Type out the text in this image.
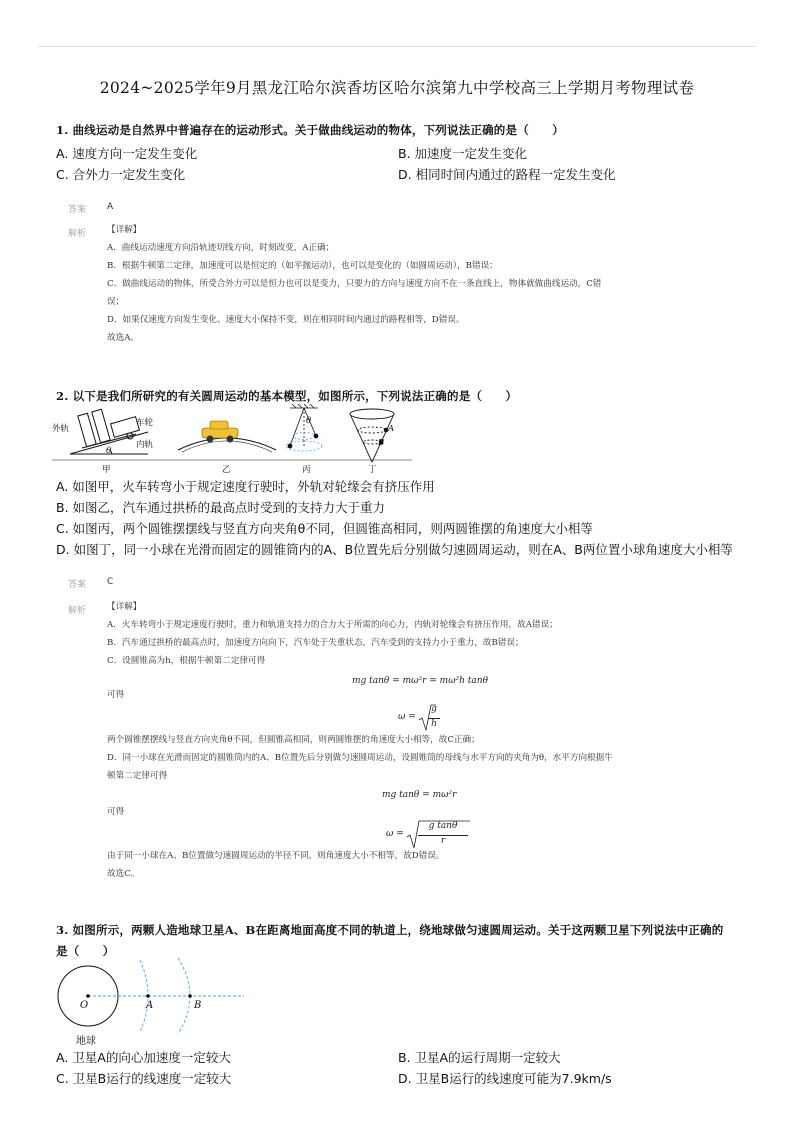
2024~2025学年9月黑龙江哈尔滨香坊区哈尔滨第九中学校高三上学期月考物理试卷
1. 曲线运动是自然界中普遍存在的运动形式。关于做曲线运动的物体，下列说法正确的是（　　）
A. 速度方向一定发生变化	B. 加速度一定发生变化
C. 合外力一定发生变化	D. 相同时间内通过的路程一定发生变化
答案 A
解析 【详解】
A．曲线运动速度方向沿轨迹切线方向，时刻改变，A正确；
B．根据牛顿第二定律，加速度可以是恒定的（如平抛运动），也可以是变化的（如圆周运动），B错误；
C．做曲线运动的物体，所受合外力可以是恒力也可以是变力，只要力的方向与速度方向不在一条直线上，物体就做曲线运动，C错
误；
D．如果仅速度方向发生变化、速度大小保持不变，则在相同时间内通过的路程相等，D错误。
故选A。
2. 以下是我们所研究的有关圆周运动的基本模型，如图所示，下列说法正确的是（　　）
外轨
车轮
内轨
θ
θ
A
B
甲	乙	丙	丁
A. 如图甲，火车转弯小于规定速度行驶时，外轨对轮缘会有挤压作用
B. 如图乙，汽车通过拱桥的最高点时受到的支持力大于重力
C. 如图丙，两个圆锥摆摆线与竖直方向夹角θ不同，但圆锥高相同，则两圆锥摆的角速度大小相等
D. 如图丁，同一小球在光滑而固定的圆锥筒内的A、B位置先后分别做匀速圆周运动，则在A、B两位置小球角速度大小相等
答案 C
解析 【详解】
A．火车转弯小于规定速度行驶时，重力和轨道支持力的合力大于所需的向心力，内轨对轮缘会有挤压作用，故A错误；
B．汽车通过拱桥的最高点时，加速度方向向下，汽车处于失重状态，汽车受到的支持力小于重力，故B错误；
C．设圆锥高为h，根据牛顿第二定律可得
mg tanθ = mω²r = mω²h tanθ
可得
ω =
g
h
两个圆锥摆摆线与竖直方向夹角θ不同，但圆锥高相同，则两圆锥摆的角速度大小相等，故C正确；
D．同一小球在光滑而固定的圆锥筒内的A、B位置先后分别做匀速圆周运动，设圆锥筒的母线与水平方向的夹角为θ，水平方向根据牛
顿第二定律可得
mg tanθ = mω²r
可得
ω =
g tanθ
r
由于同一小球在A、B位置做匀速圆周运动的半径不同，则角速度大小不相等，故D错误。
故选C。
3. 如图所示，两颗人造地球卫星A、B在距离地面高度不同的轨道上，绕地球做匀速圆周运动。关于这两颗卫星下列说法中正确的
是（　　）
O	A	B
地球
A. 卫星A的向心加速度一定较大	B. 卫星A的运行周期一定较大
C. 卫星B运行的线速度一定较大	D. 卫星B运行的线速度可能为7.9km/s
